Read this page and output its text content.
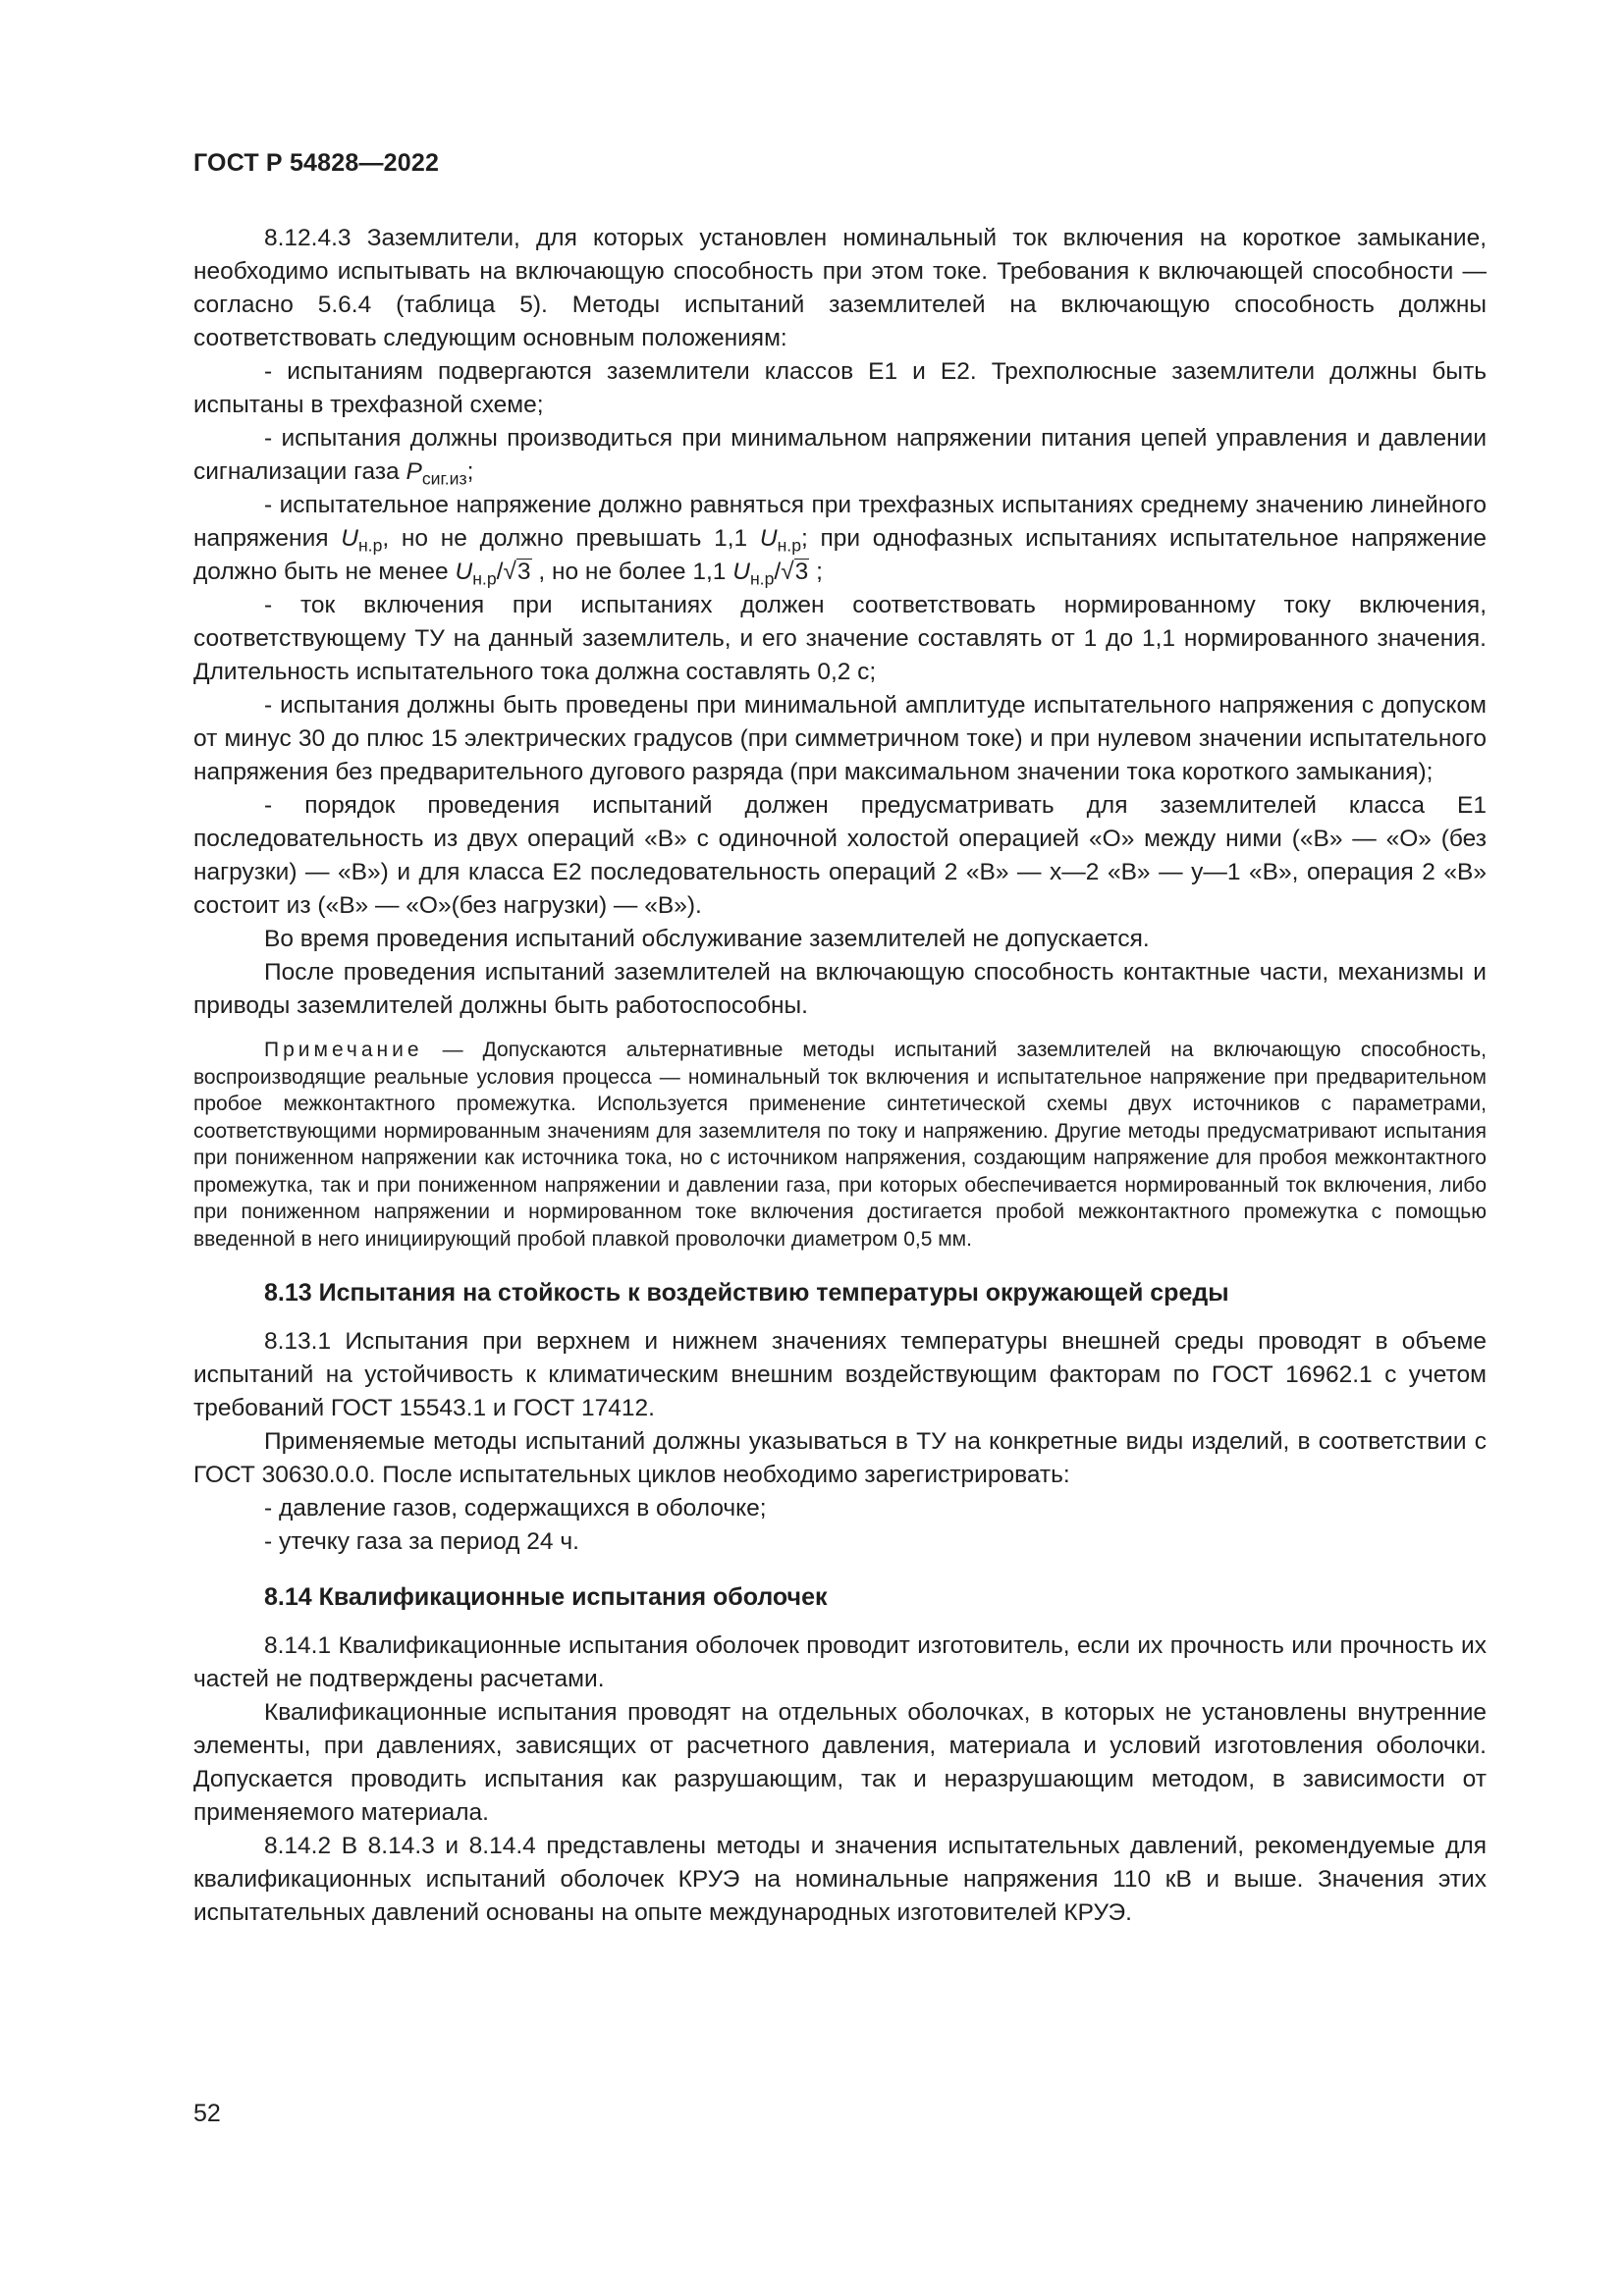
ГОСТ Р 54828—2022

8.12.4.3 Заземлители, для которых установлен номинальный ток включения на короткое замыкание, необходимо испытывать на включающую способность при этом токе. Требования к включающей способности — согласно 5.6.4 (таблица 5). Методы испытаний заземлителей на включающую способность должны соответствовать следующим основным положениям:

- испытаниям подвергаются заземлители классов Е1 и Е2. Трехполюсные заземлители должны быть испытаны в трехфазной схеме;

- испытания должны производиться при минимальном напряжении питания цепей управления и давлении сигнализации газа $P_{сиг.из}$;

- испытательное напряжение должно равняться при трехфазных испытаниях среднему значению линейного напряжения $U_{н.р}$, но не должно превышать 1,1 $U_{н.р}$; при однофазных испытаниях испытательное напряжение должно быть не менее $U_{н.р}/√3$ , но не более 1,1 $U_{н.р}/√3$ ;

- ток включения при испытаниях должен соответствовать нормированному току включения, соответствующему ТУ на данный заземлитель, и его значение составлять от 1 до 1,1 нормированного значения. Длительность испытательного тока должна составлять 0,2 с;

- испытания должны быть проведены при минимальной амплитуде испытательного напряжения с допуском от минус 30 до плюс 15 электрических градусов (при симметричном токе) и при нулевом значении испытательного напряжения без предварительного дугового разряда (при максимальном значении тока короткого замыкания);

- порядок проведения испытаний должен предусматривать для заземлителей класса Е1 последовательность из двух операций «В» с одиночной холостой операцией «О» между ними («В» — «О» (без нагрузки) — «В») и для класса Е2 последовательность операций 2 «В» — x—2 «В» — y—1 «В», операция 2 «В» состоит из («В» — «О»(без нагрузки) — «В»).

Во время проведения испытаний обслуживание заземлителей не допускается.

После проведения испытаний заземлителей на включающую способность контактные части, механизмы и приводы заземлителей должны быть работоспособны.

Примечание — Допускаются альтернативные методы испытаний заземлителей на включающую способность, воспроизводящие реальные условия процесса — номинальный ток включения и испытательное напряжение при предварительном пробое межконтактного промежутка. Используется применение синтетической схемы двух источников с параметрами, соответствующими нормированным значениям для заземлителя по току и напряжению. Другие методы предусматривают испытания при пониженном напряжении как источника тока, но с источником напряжения, создающим напряжение для пробоя межконтактного промежутка, так и при пониженном напряжении и давлении газа, при которых обеспечивается нормированный ток включения, либо при пониженном напряжении и нормированном токе включения достигается пробой межконтактного промежутка с помощью введенной в него инициирующий пробой плавкой проволочки диаметром 0,5 мм.

8.13 Испытания на стойкость к воздействию температуры окружающей среды

8.13.1 Испытания при верхнем и нижнем значениях температуры внешней среды проводят в объеме испытаний на устойчивость к климатическим внешним воздействующим факторам по ГОСТ 16962.1 с учетом требований ГОСТ 15543.1 и ГОСТ 17412.

Применяемые методы испытаний должны указываться в ТУ на конкретные виды изделий, в соответствии с ГОСТ 30630.0.0. После испытательных циклов необходимо зарегистрировать:

- давление газов, содержащихся в оболочке;

- утечку газа за период 24 ч.

8.14 Квалификационные испытания оболочек

8.14.1 Квалификационные испытания оболочек проводит изготовитель, если их прочность или прочность их частей не подтверждены расчетами.

Квалификационные испытания проводят на отдельных оболочках, в которых не установлены внутренние элементы, при давлениях, зависящих от расчетного давления, материала и условий изготовления оболочки. Допускается проводить испытания как разрушающим, так и неразрушающим методом, в зависимости от применяемого материала.

8.14.2 В 8.14.3 и 8.14.4 представлены методы и значения испытательных давлений, рекомендуемые для квалификационных испытаний оболочек КРУЭ на номинальные напряжения 110 кВ и выше. Значения этих испытательных давлений основаны на опыте международных изготовителей КРУЭ.

52
